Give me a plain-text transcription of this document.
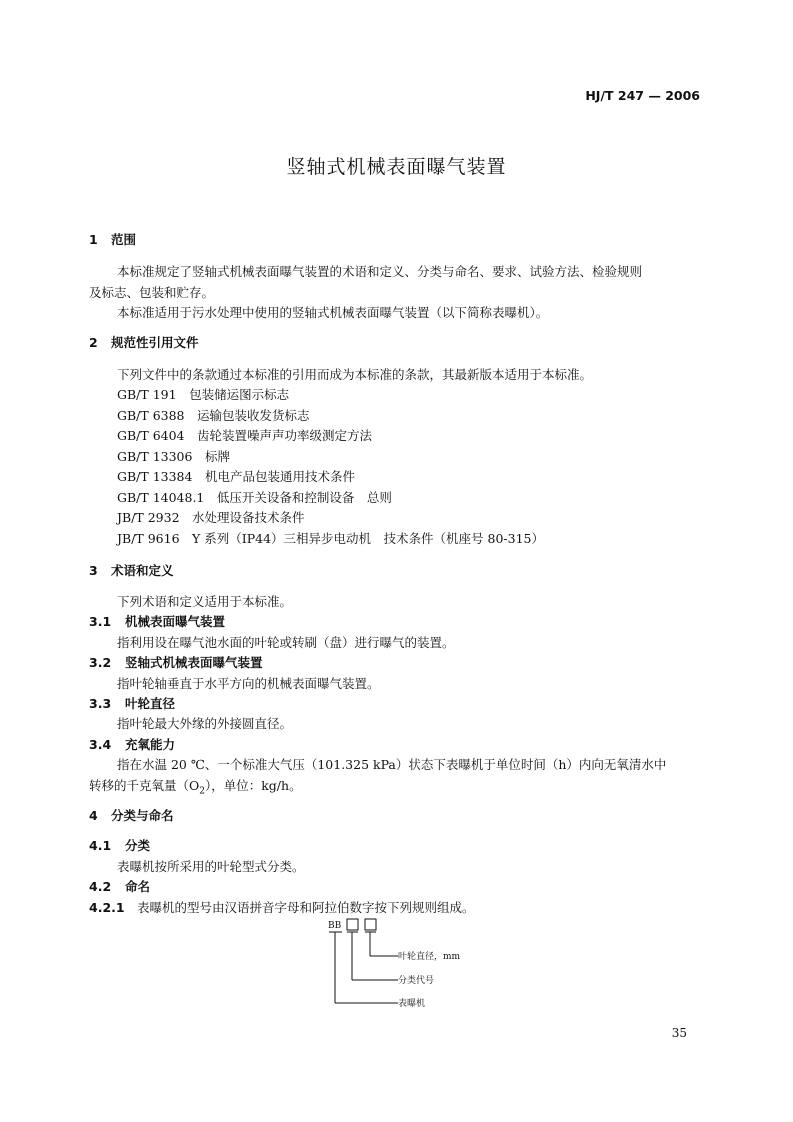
HJ/T 247 — 2006
竖轴式机械表面曝气装置
1 范围
本标准规定了竖轴式机械表面曝气装置的术语和定义、分类与命名、要求、试验方法、检验规则
及标志、包装和贮存。
本标准适用于污水处理中使用的竖轴式机械表面曝气装置（以下简称表曝机）。
2 规范性引用文件
下列文件中的条款通过本标准的引用而成为本标准的条款，其最新版本适用于本标准。
GB/T 191　 包装储运图示标志
GB/T 6388　 运输包装收发货标志
GB/T 6404　 齿轮装置噪声声功率级测定方法
GB/T 13306　 标牌
GB/T 13384　 机电产品包装通用技术条件
GB/T 14048.1　 低压开关设备和控制设备　总则
JB/T 2932　 水处理设备技术条件
JB/T 9616　 Y 系列（IP44）三相异步电动机　技术条件（机座号 80-315）
3 术语和定义
下列术语和定义适用于本标准。
3.1 机械表面曝气装置
指利用设在曝气池水面的叶轮或转刷（盘）进行曝气的装置。
3.2 竖轴式机械表面曝气装置
指叶轮轴垂直于水平方向的机械表面曝气装置。
3.3 叶轮直径
指叶轮最大外缘的外接圆直径。
3.4 充氧能力
指在水温 20 ℃、一个标准大气压（101.325 kPa）状态下表曝机于单位时间（h）内向无氧清水中
转移的千克氧量$(O_2)$，单位：kg/h。
4 分类与命名
4.1 分类
表曝机按所采用的叶轮型式分类。
4.2 命名
4.2.1 表曝机的型号由汉语拼音字母和阿拉伯数字按下列规则组成。
BB
叶轮直径，mm
分类代号
表曝机
35
